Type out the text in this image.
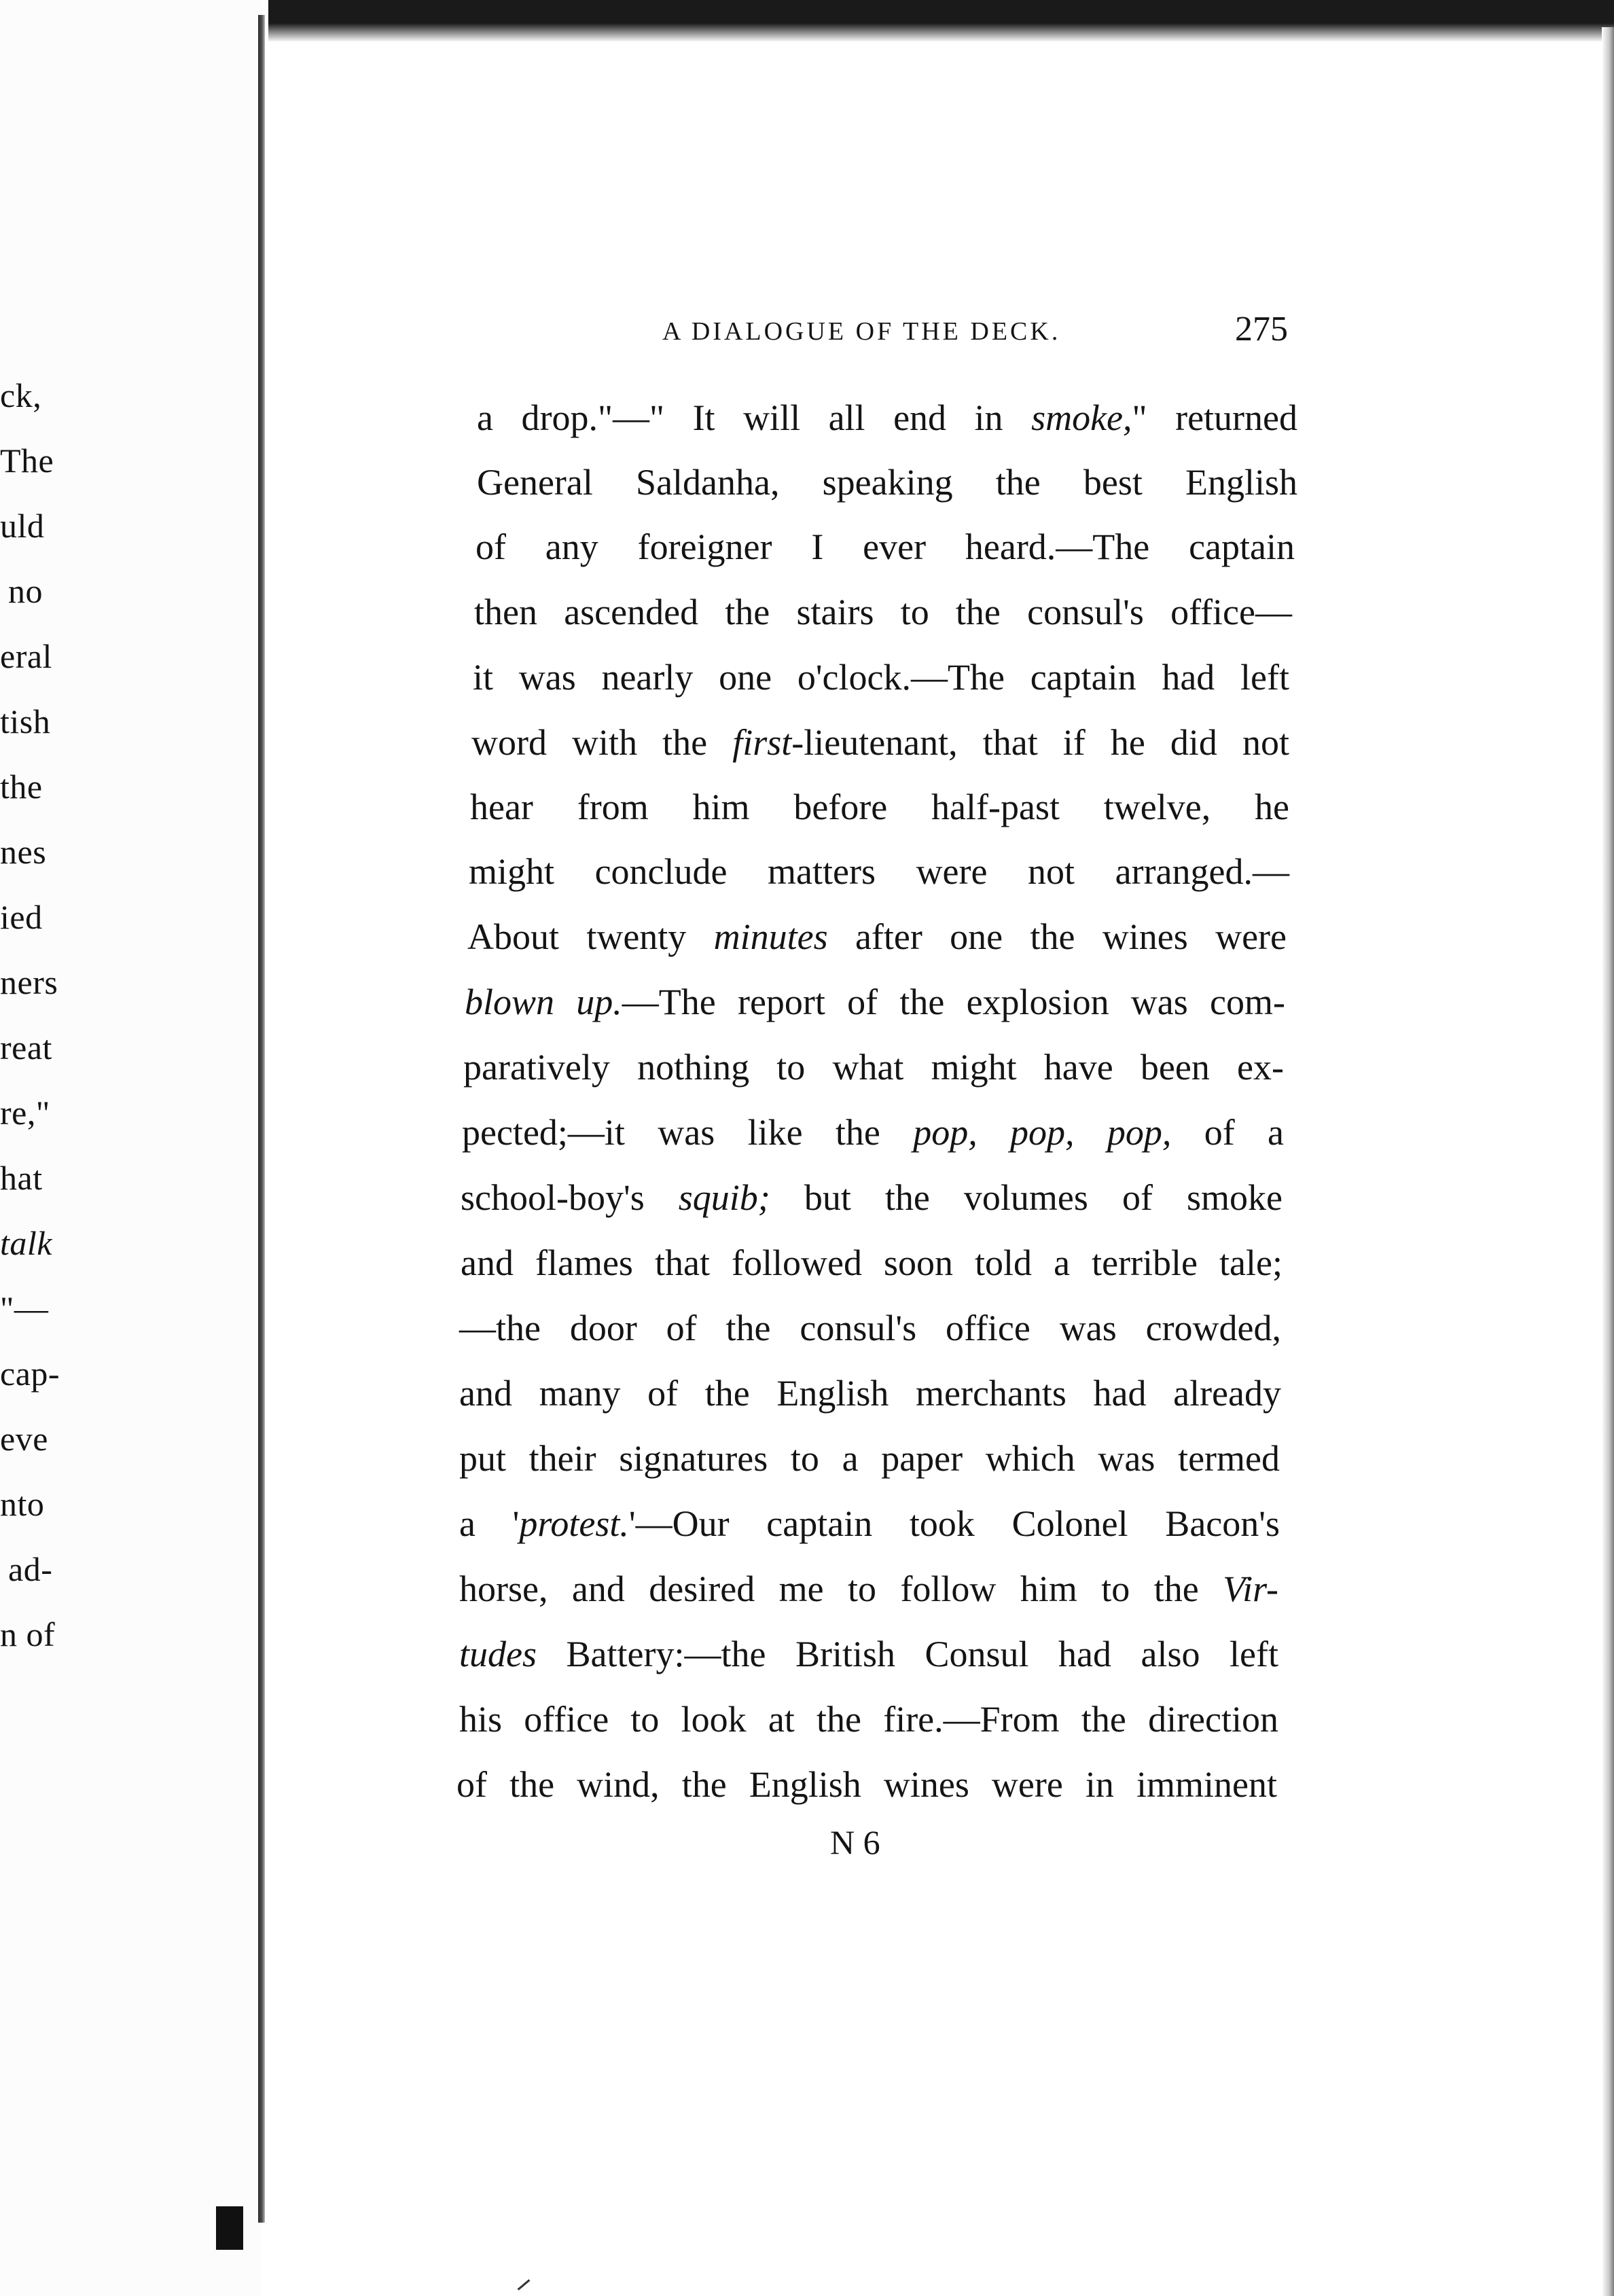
ck,
The
uld
no
eral
tish
the
nes
ied
ners
reat
re,"
hat
talk
"—
cap-
eve
nto
ad-
n of
A DIALOGUE OF THE DECK.	275
a drop."—" It will all end in smoke," returned
General Saldanha, speaking the best English
of any foreigner I ever heard.—The captain
then ascended the stairs to the consul's office—
it was nearly one o'clock.—The captain had left
word with the first-lieutenant, that if he did not
hear from him before half-past twelve, he
might conclude matters were not arranged.—
About twenty minutes after one the wines were
blown up.—The report of the explosion was com-
paratively nothing to what might have been ex-
pected;—it was like the pop, pop, pop, of a
school-boy's squib; but the volumes of smoke
and flames that followed soon told a terrible tale;
—the door of the consul's office was crowded,
and many of the English merchants had already
put their signatures to a paper which was termed
a 'protest.'—Our captain took Colonel Bacon's
horse, and desired me to follow him to the Vir-
tudes Battery:—the British Consul had also left
his office to look at the fire.—From the direction
of the wind, the English wines were in imminent
N 6
